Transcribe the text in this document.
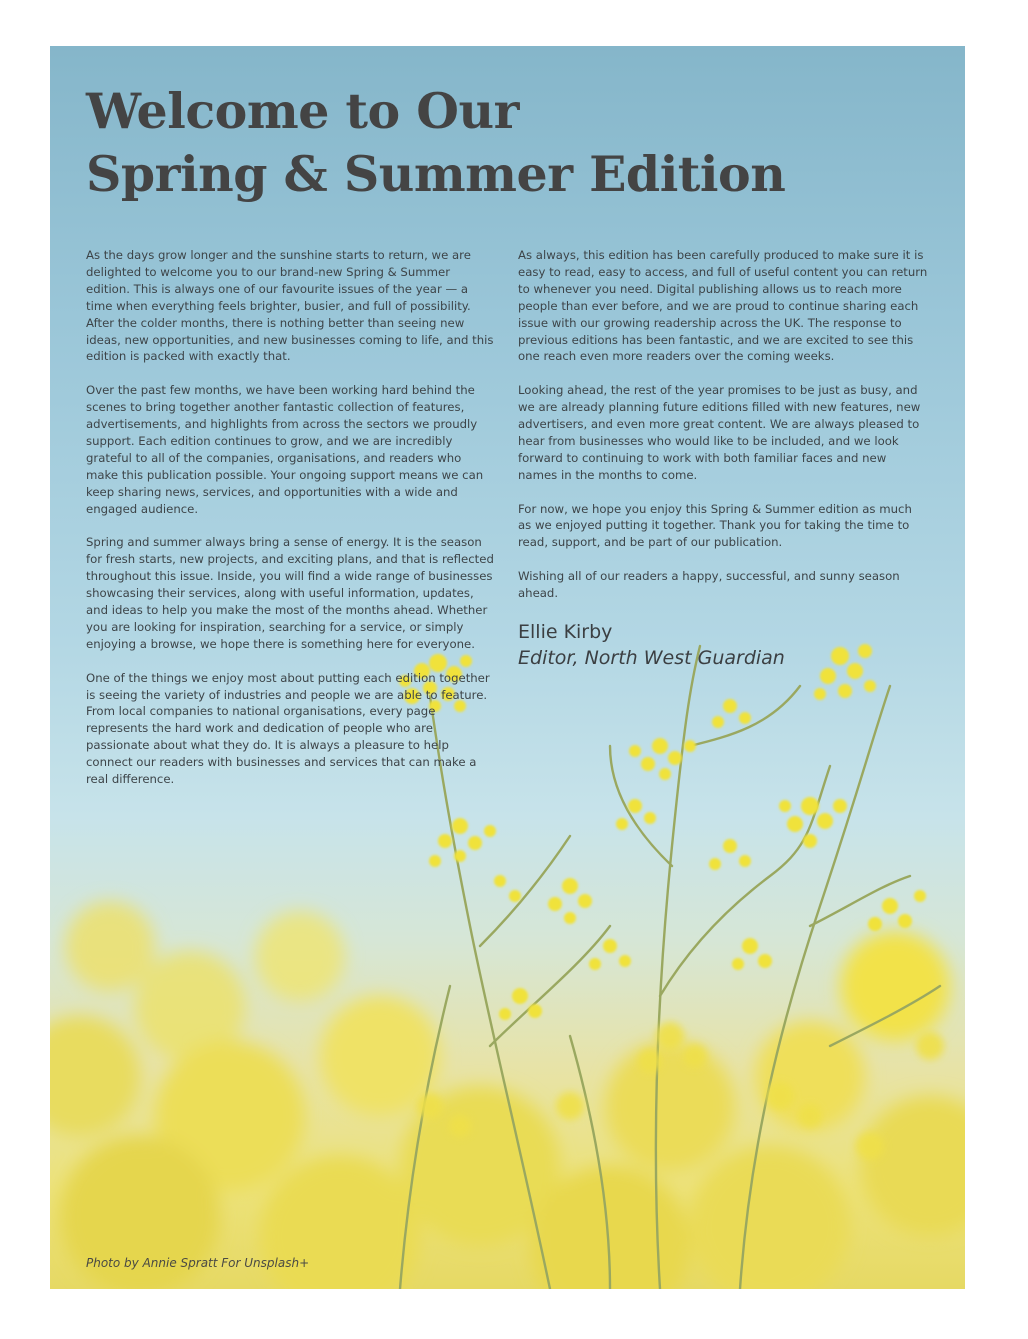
Welcome to Our
Spring & Summer Edition

As the days grow longer and the sunshine starts to return, we are delighted to welcome you to our brand-new Spring & Summer edition. This is always one of our favourite issues of the year — a time when everything feels brighter, busier, and full of possibility. After the colder months, there is nothing better than seeing new ideas, new opportunities, and new businesses coming to life, and this edition is packed with exactly that.

Over the past few months, we have been working hard behind the scenes to bring together another fantastic collection of features, advertisements, and highlights from across the sectors we proudly support. Each edition continues to grow, and we are incredibly grateful to all of the companies, organisations, and readers who make this publication possible. Your ongoing support means we can keep sharing news, services, and opportunities with a wide and engaged audience.

Spring and summer always bring a sense of energy. It is the season for fresh starts, new projects, and exciting plans, and that is reflected throughout this issue. Inside, you will find a wide range of businesses showcasing their services, along with useful information, updates, and ideas to help you make the most of the months ahead. Whether you are looking for inspiration, searching for a service, or simply enjoying a browse, we hope there is something here for everyone.

One of the things we enjoy most about putting each edition together is seeing the variety of industries and people we are able to feature. From local companies to national organisations, every page represents the hard work and dedication of people who are passionate about what they do. It is always a pleasure to help connect our readers with businesses and services that can make a real difference.

As always, this edition has been carefully produced to make sure it is easy to read, easy to access, and full of useful content you can return to whenever you need. Digital publishing allows us to reach more people than ever before, and we are proud to continue sharing each issue with our growing readership across the UK. The response to previous editions has been fantastic, and we are excited to see this one reach even more readers over the coming weeks.

Looking ahead, the rest of the year promises to be just as busy, and we are already planning future editions filled with new features, new advertisers, and even more great content. We are always pleased to hear from businesses who would like to be included, and we look forward to continuing to work with both familiar faces and new names in the months to come.

For now, we hope you enjoy this Spring & Summer edition as much as we enjoyed putting it together. Thank you for taking the time to read, support, and be part of our publication.

Wishing all of our readers a happy, successful, and sunny season ahead.

Ellie Kirby
Editor, North West Guardian
Photo by Annie Spratt For Unsplash+
